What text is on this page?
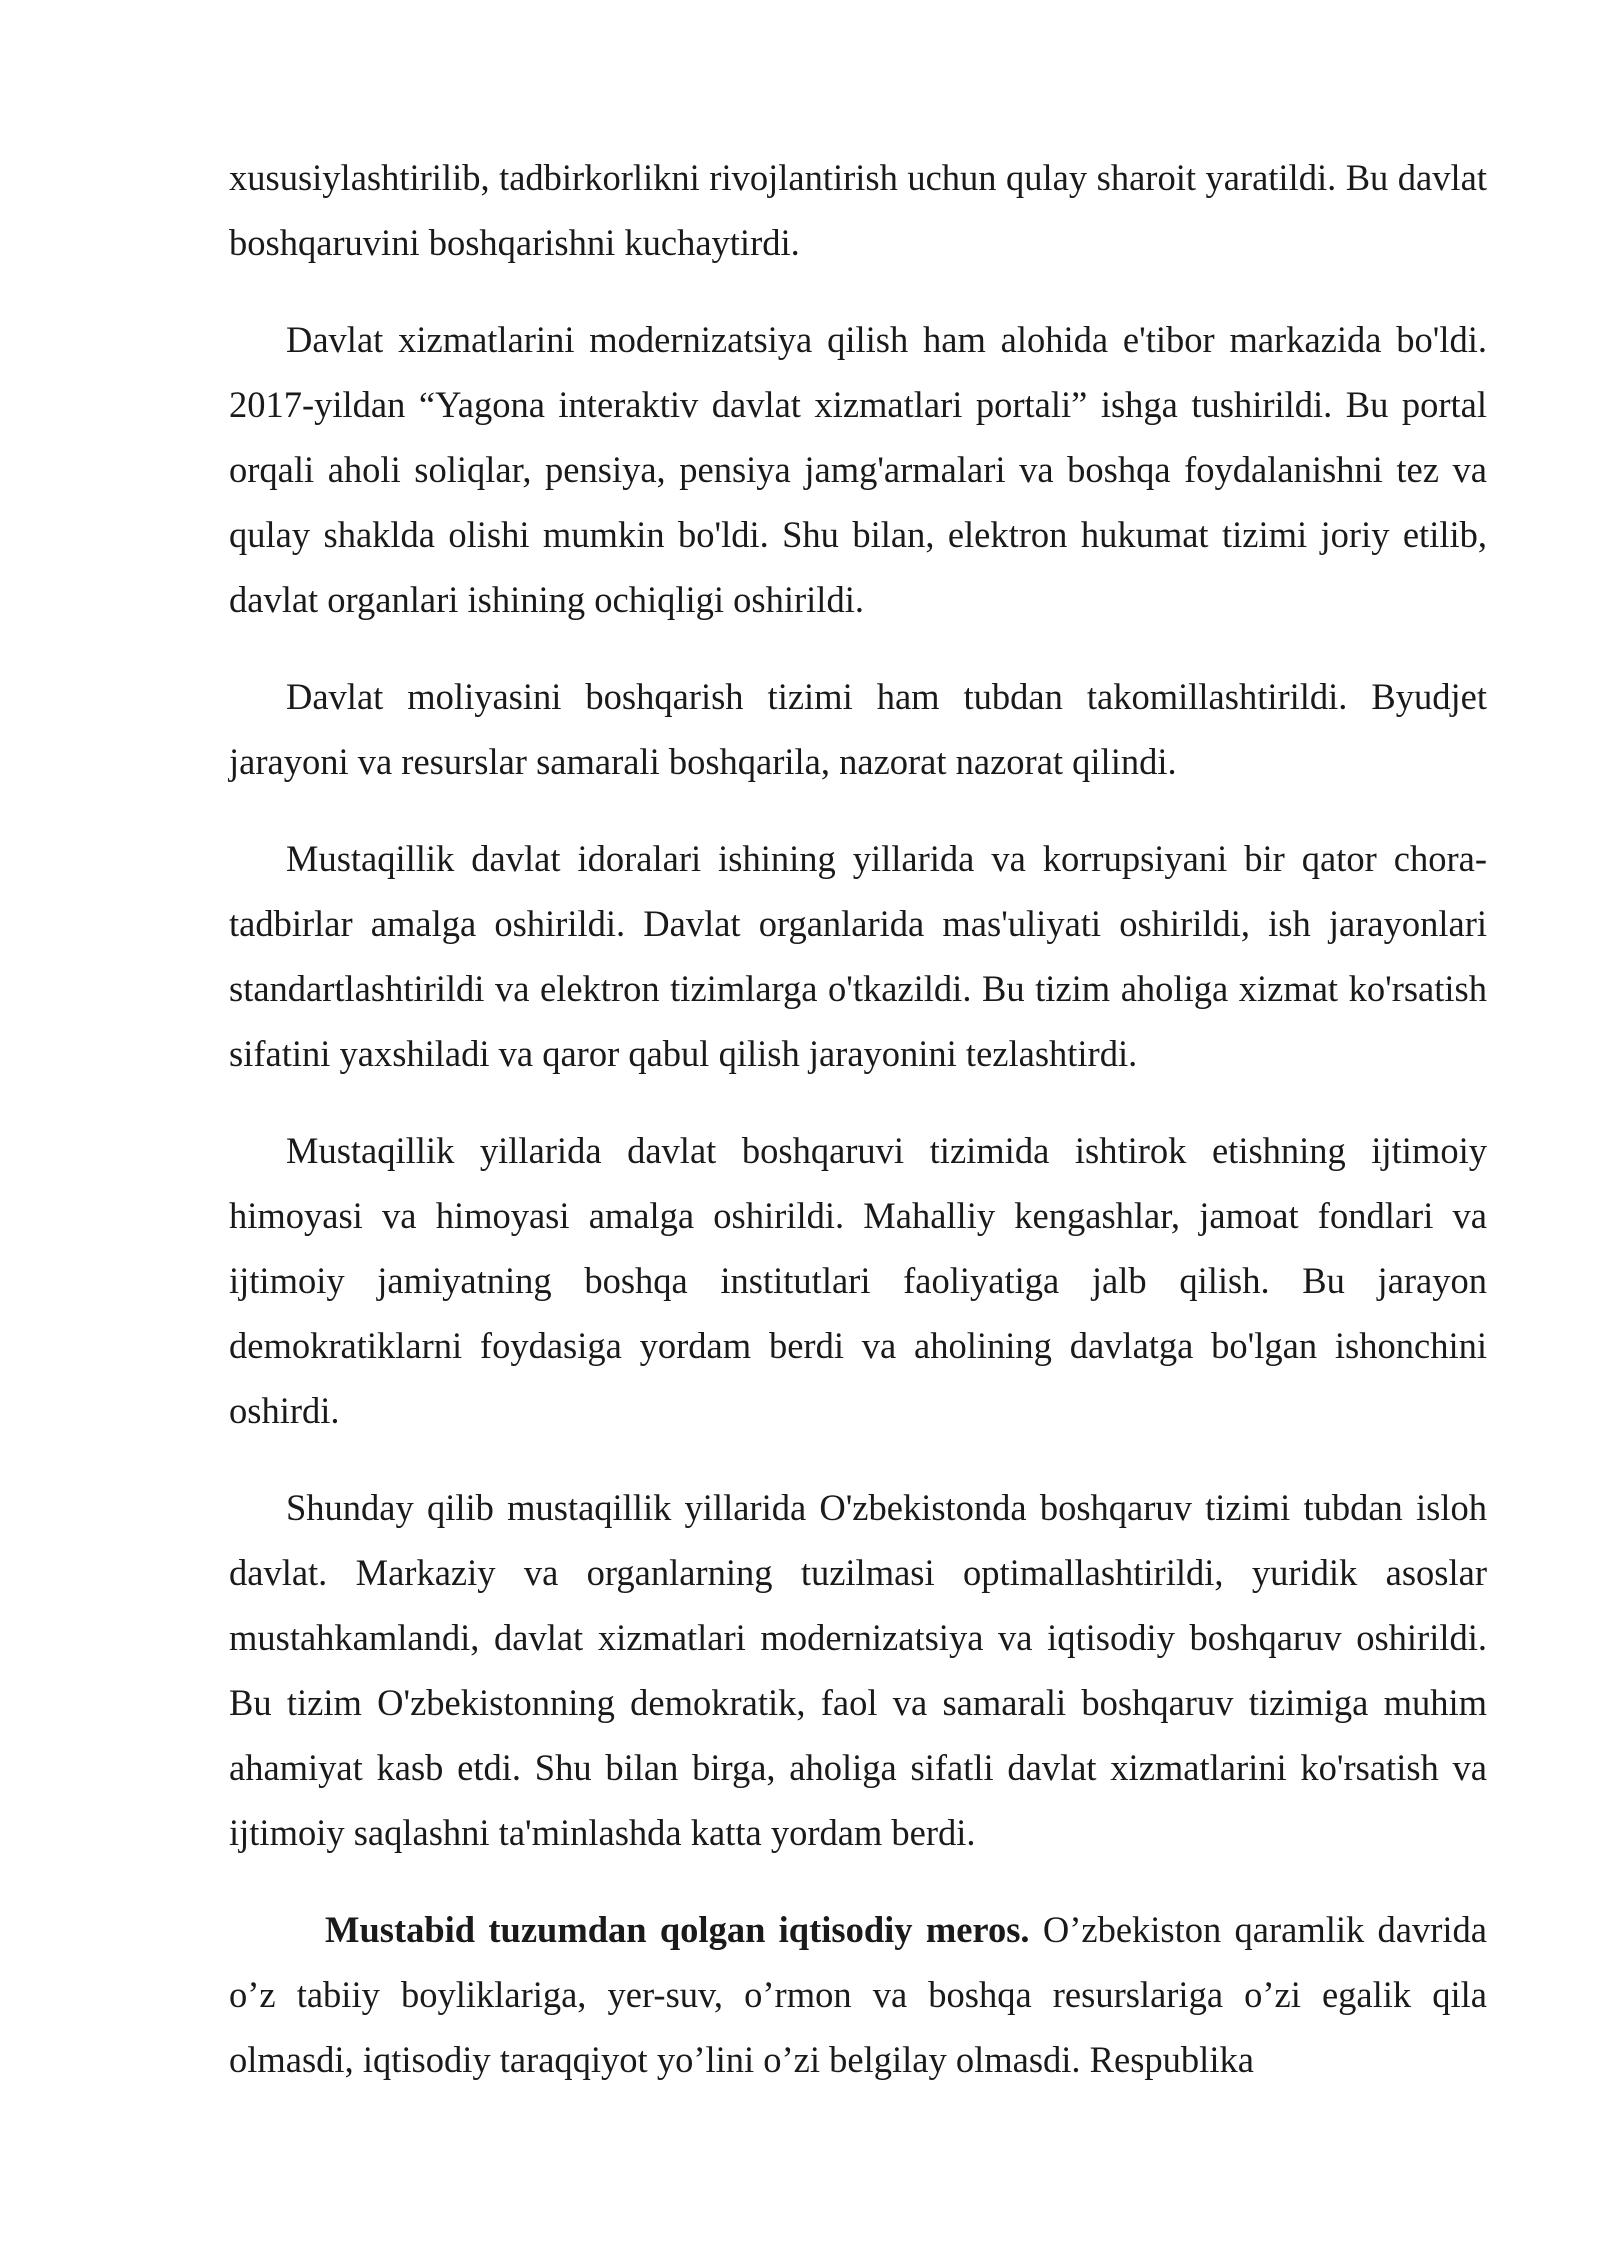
xususiylashtirilib, tadbirkorlikni rivojlantirish uchun qulay sharoit yaratildi. Bu davlat boshqaruvini boshqarishni kuchaytirdi.

Davlat xizmatlarini modernizatsiya qilish ham alohida e'tibor markazida bo'ldi. 2017-yildan “Yagona interaktiv davlat xizmatlari portali” ishga tushirildi. Bu portal orqali aholi soliqlar, pensiya, pensiya jamg'armalari va boshqa foydalanishni tez va qulay shaklda olishi mumkin bo'ldi. Shu bilan, elektron hukumat tizimi joriy etilib, davlat organlari ishining ochiqligi oshirildi.

Davlat moliyasini boshqarish tizimi ham tubdan takomillashtirildi. Byudjet jarayoni va resurslar samarali boshqarila, nazorat nazorat qilindi.

Mustaqillik davlat idoralari ishining yillarida va korrupsiyani bir qator chora-tadbirlar amalga oshirildi. Davlat organlarida mas'uliyati oshirildi, ish jarayonlari standartlashtirildi va elektron tizimlarga o'tkazildi. Bu tizim aholiga xizmat ko'rsatish sifatini yaxshiladi va qaror qabul qilish jarayonini tezlashtirdi.

Mustaqillik yillarida davlat boshqaruvi tizimida ishtirok etishning ijtimoiy himoyasi va himoyasi amalga oshirildi. Mahalliy kengashlar, jamoat fondlari va ijtimoiy jamiyatning boshqa institutlari faoliyatiga jalb qilish. Bu jarayon demokratiklarni foydasiga yordam berdi va aholining davlatga bo'lgan ishonchini oshirdi.

Shunday qilib mustaqillik yillarida O'zbekistonda boshqaruv tizimi tubdan isloh davlat. Markaziy va organlarning tuzilmasi optimallashtirildi, yuridik asoslar mustahkamlandi, davlat xizmatlari modernizatsiya va iqtisodiy boshqaruv oshirildi. Bu tizim O'zbekistonning demokratik, faol va samarali boshqaruv tizimiga muhim ahamiyat kasb etdi. Shu bilan birga, aholiga sifatli davlat xizmatlarini ko'rsatish va ijtimoiy saqlashni ta'minlashda katta yordam berdi.

Mustabid tuzumdan qolgan iqtisodiy meros. O’zbekiston qaramlik davrida o’z tabiiy boyliklariga, yer-suv, o’rmon va boshqa resurslariga o’zi egalik qila olmasdi, iqtisodiy taraqqiyot yo’lini o’zi belgilay olmasdi. Respublika
